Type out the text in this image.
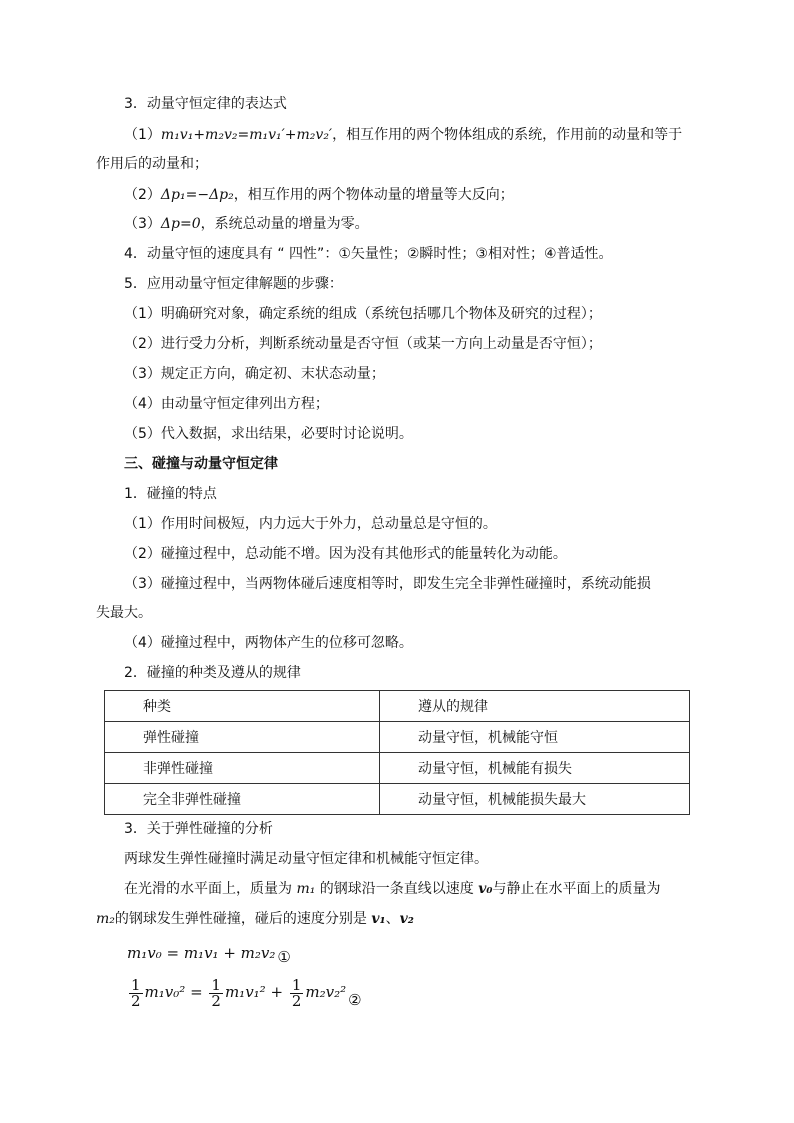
3．动量守恒定律的表达式
（1）m₁v₁+m₂v₂=m₁v₁′+m₂v₂′，相互作用的两个物体组成的系统，作用前的动量和等于
作用后的动量和；
（2）Δp₁=−Δp₂，相互作用的两个物体动量的增量等大反向；
（3）Δp=0，系统总动量的增量为零。
4．动量守恒的速度具有 “ 四性”：①矢量性；②瞬时性；③相对性；④普适性。
5．应用动量守恒定律解题的步骤：
（1）明确研究对象，确定系统的组成（系统包括哪几个物体及研究的过程）；
（2）进行受力分析，判断系统动量是否守恒（或某一方向上动量是否守恒）；
（3）规定正方向，确定初、末状态动量；
（4）由动量守恒定律列出方程；
（5）代入数据，求出结果，必要时讨论说明。
三、碰撞与动量守恒定律
1．碰撞的特点
（1）作用时间极短，内力远大于外力，总动量总是守恒的。
（2）碰撞过程中，总动能不增。因为没有其他形式的能量转化为动能。
（3）碰撞过程中，当两物体碰后速度相等时，即发生完全非弹性碰撞时，系统动能损
失最大。
（4）碰撞过程中，两物体产生的位移可忽略。
2．碰撞的种类及遵从的规律
种类	遵从的规律
弹性碰撞	动量守恒，机械能守恒
非弹性碰撞	动量守恒，机械能有损失
完全非弹性碰撞	动量守恒，机械能损失最大
3．关于弹性碰撞的分析
两球发生弹性碰撞时满足动量守恒定律和机械能守恒定律。
在光滑的水平面上，质量为 m₁ 的钢球沿一条直线以速度 v₀与静止在水平面上的质量为
m₂的钢球发生弹性碰撞，碰后的速度分别是 v₁、v₂
m₁v₀ = m₁v₁ + m₂v₂ ①
$\frac{1}{2} m_1v_0^2 = \frac{1}{2} m_1v_1^2 + \frac{1}{2} m_2v_2^2$ ②
